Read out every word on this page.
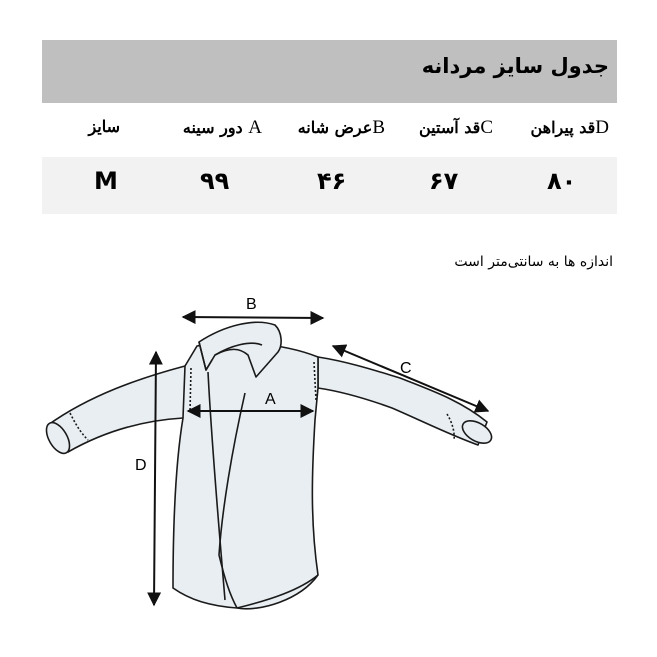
جدول سایز مردانه
Dقد پیراهن
Cقد آستین
Bعرض شانه
A دور سینه
سایز
۸۰
۶۷
۴۶
۹۹
M
اندازه ها به سانتی‌متر است
B
A
C
D
